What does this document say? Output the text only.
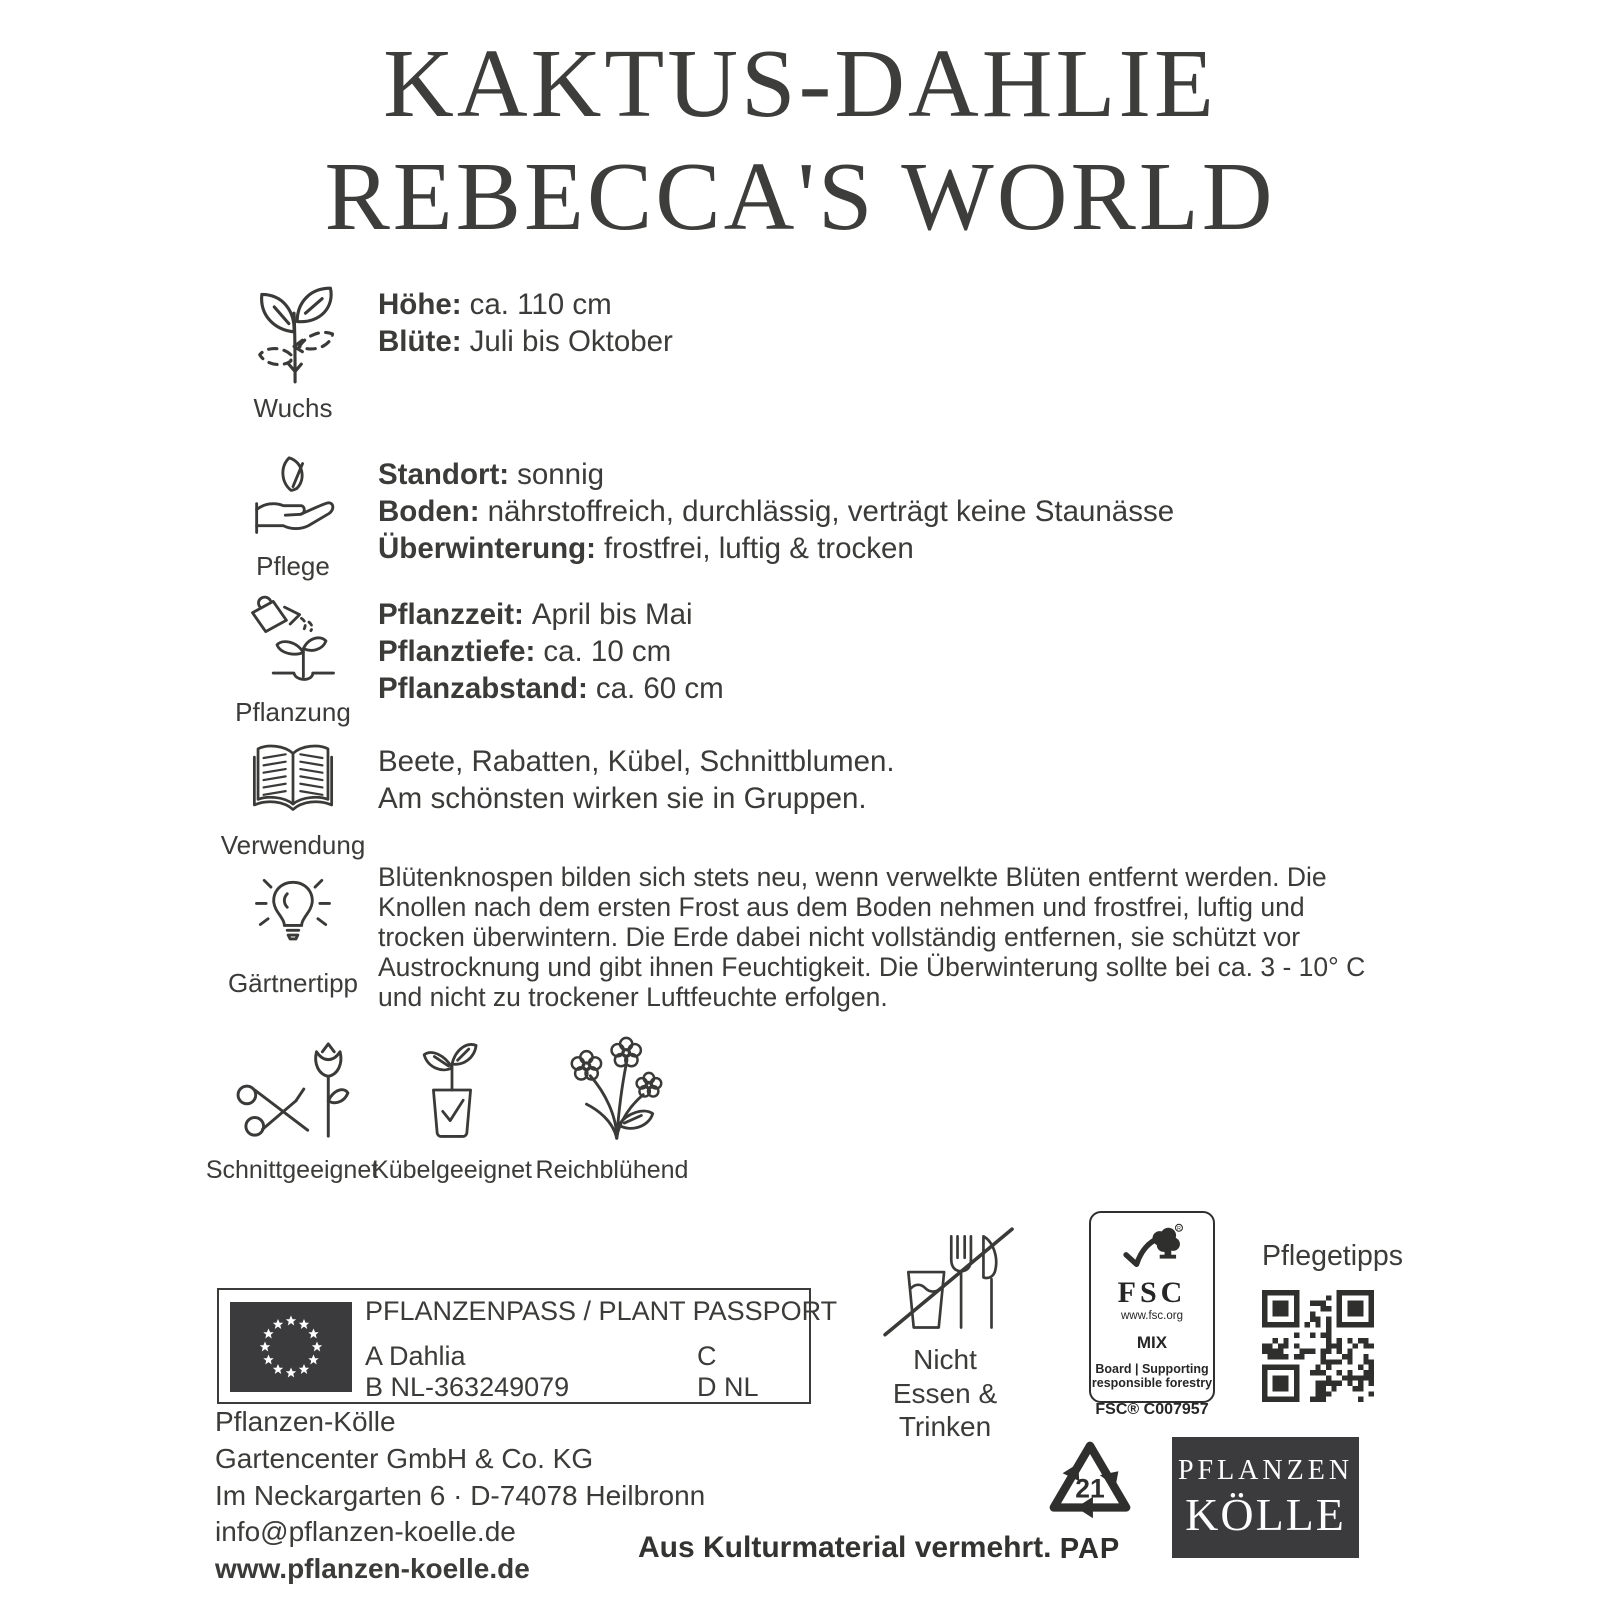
KAKTUS-DAHLIE
REBECCA'S WORLD
Wuchs
Höhe: ca. 110 cm
Blüte: Juli bis Oktober
Pflege
Standort: sonnig
Boden: nährstoffreich, durchlässig, verträgt keine Staunässe
Überwinterung: frostfrei, luftig & trocken
Pflanzung
Pflanzzeit: April bis Mai
Pflanztiefe: ca. 10 cm
Pflanzabstand: ca. 60 cm
Verwendung
Beete, Rabatten, Kübel, Schnittblumen.
Am schönsten wirken sie in Gruppen.
Gärtnertipp
Blütenknospen bilden sich stets neu, wenn verwelkte Blüten entfernt werden. Die Knollen nach dem ersten Frost aus dem Boden nehmen und frostfrei, luftig und trocken überwintern. Die Erde dabei nicht vollständig entfernen, sie schützt vor Austrocknung und gibt ihnen Feuchtigkeit. Die Überwinterung sollte bei ca. 3 - 10° C und nicht zu trockener Luftfeuchte erfolgen.
Schnittgeeignet
Kübelgeeignet Reichblühend
PFLANZENPASS / PLANT PASSPORT
A Dahlia
B NL-363249079
C
D NL
Nicht
Essen & Trinken
R
FSC
www.fsc.org
MIX
Board | Supporting
responsible forestry
FSC® C007957
Pflegetipps
Pflanzen-Kölle
Gartencenter GmbH & Co. KG
Im Neckargarten 6 · D-74078 Heilbronn
info@pflanzen-koelle.de
www.pflanzen-koelle.de
Aus Kulturmaterial vermehrt.
21
PAP
PFLANZEN
KÖLLE
